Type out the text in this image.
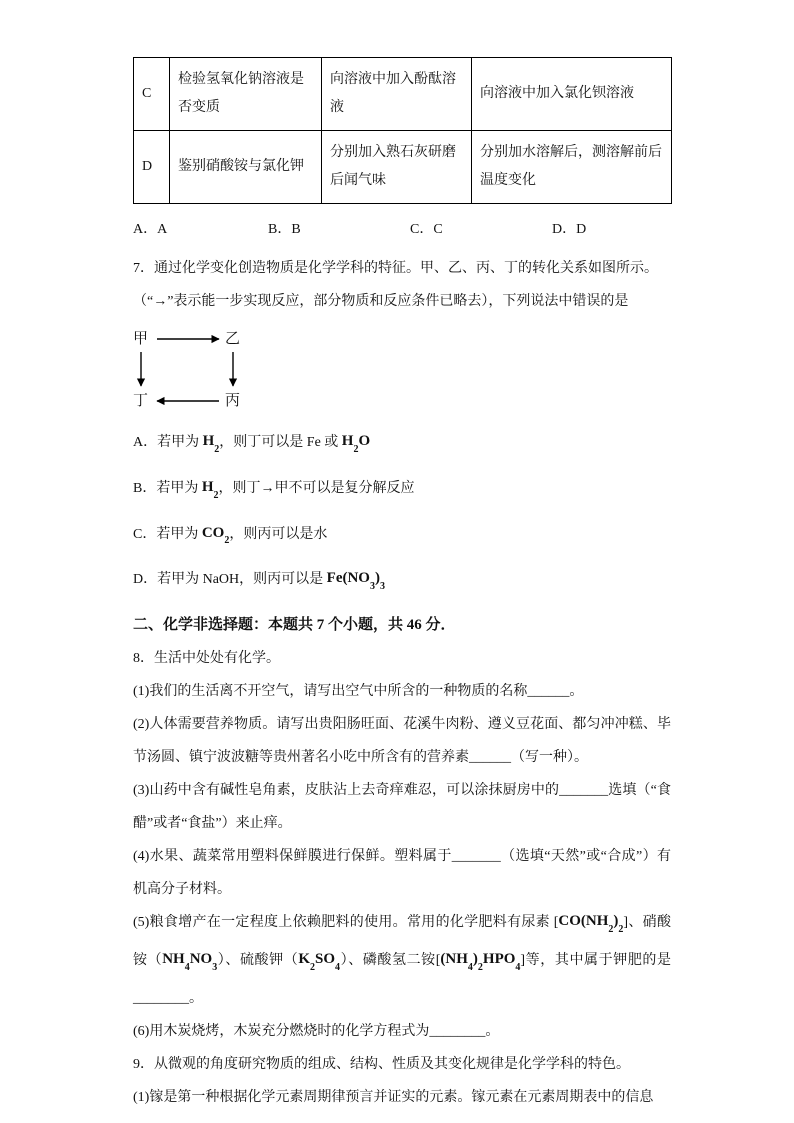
C	检验氢氧化钠溶液是否变质	向溶液中加入酚酞溶液	向溶液中加入氯化钡溶液
D	鉴别硝酸铵与氯化钾	分别加入熟石灰研磨后闻气味	分别加水溶解后，测溶解前后温度变化
A．A	B．B	C．C	D．D
7．通过化学变化创造物质是化学学科的特征。甲、乙、丙、丁的转化关系如图所示。
（“→”表示能一步实现反应，部分物质和反应条件已略去），下列说法中错误的是
甲	乙
丁	丙
A．若甲为 $H_2$，则丁可以是 Fe 或 $H_2O$
B．若甲为 $H_2$，则丁→甲不可以是复分解反应
C．若甲为 $CO_2$，则丙可以是水
D．若甲为 NaOH，则丙可以是 $Fe(NO_3)_3$
二、化学非选择题：本题共 7 个小题，共 46 分．
8．生活中处处有化学。
(1)我们的生活离不开空气，请写出空气中所含的一种物质的名称______。
(2)人体需要营养物质。请写出贵阳肠旺面、花溪牛肉粉、遵义豆花面、都匀冲冲糕、毕节汤圆、镇宁波波糖等贵州著名小吃中所含有的营养素______（写一种）。
(3)山药中含有碱性皂角素，皮肤沾上去奇痒难忍，可以涂抹厨房中的_______选填（“食醋”或者“食盐”）来止痒。
(4)水果、蔬菜常用塑料保鲜膜进行保鲜。塑料属于_______（选填“天然”或“合成”）有机高分子材料。
(5)粮食增产在一定程度上依赖肥料的使用。常用的化学肥料有尿素 $[CO(NH_2)_2]$、硝酸铵$(NH_4NO_3)$、硫酸钾$(K_2SO_4)$、磷酸氢二铵$[(NH_4)_2HPO_4]$等，其中属于钾肥的是________。
(6)用木炭烧烤，木炭充分燃烧时的化学方程式为________。
9．从微观的角度研究物质的组成、结构、性质及其变化规律是化学学科的特色。
(1)镓是第一种根据化学元素周期律预言并证实的元素。镓元素在元素周期表中的信息
